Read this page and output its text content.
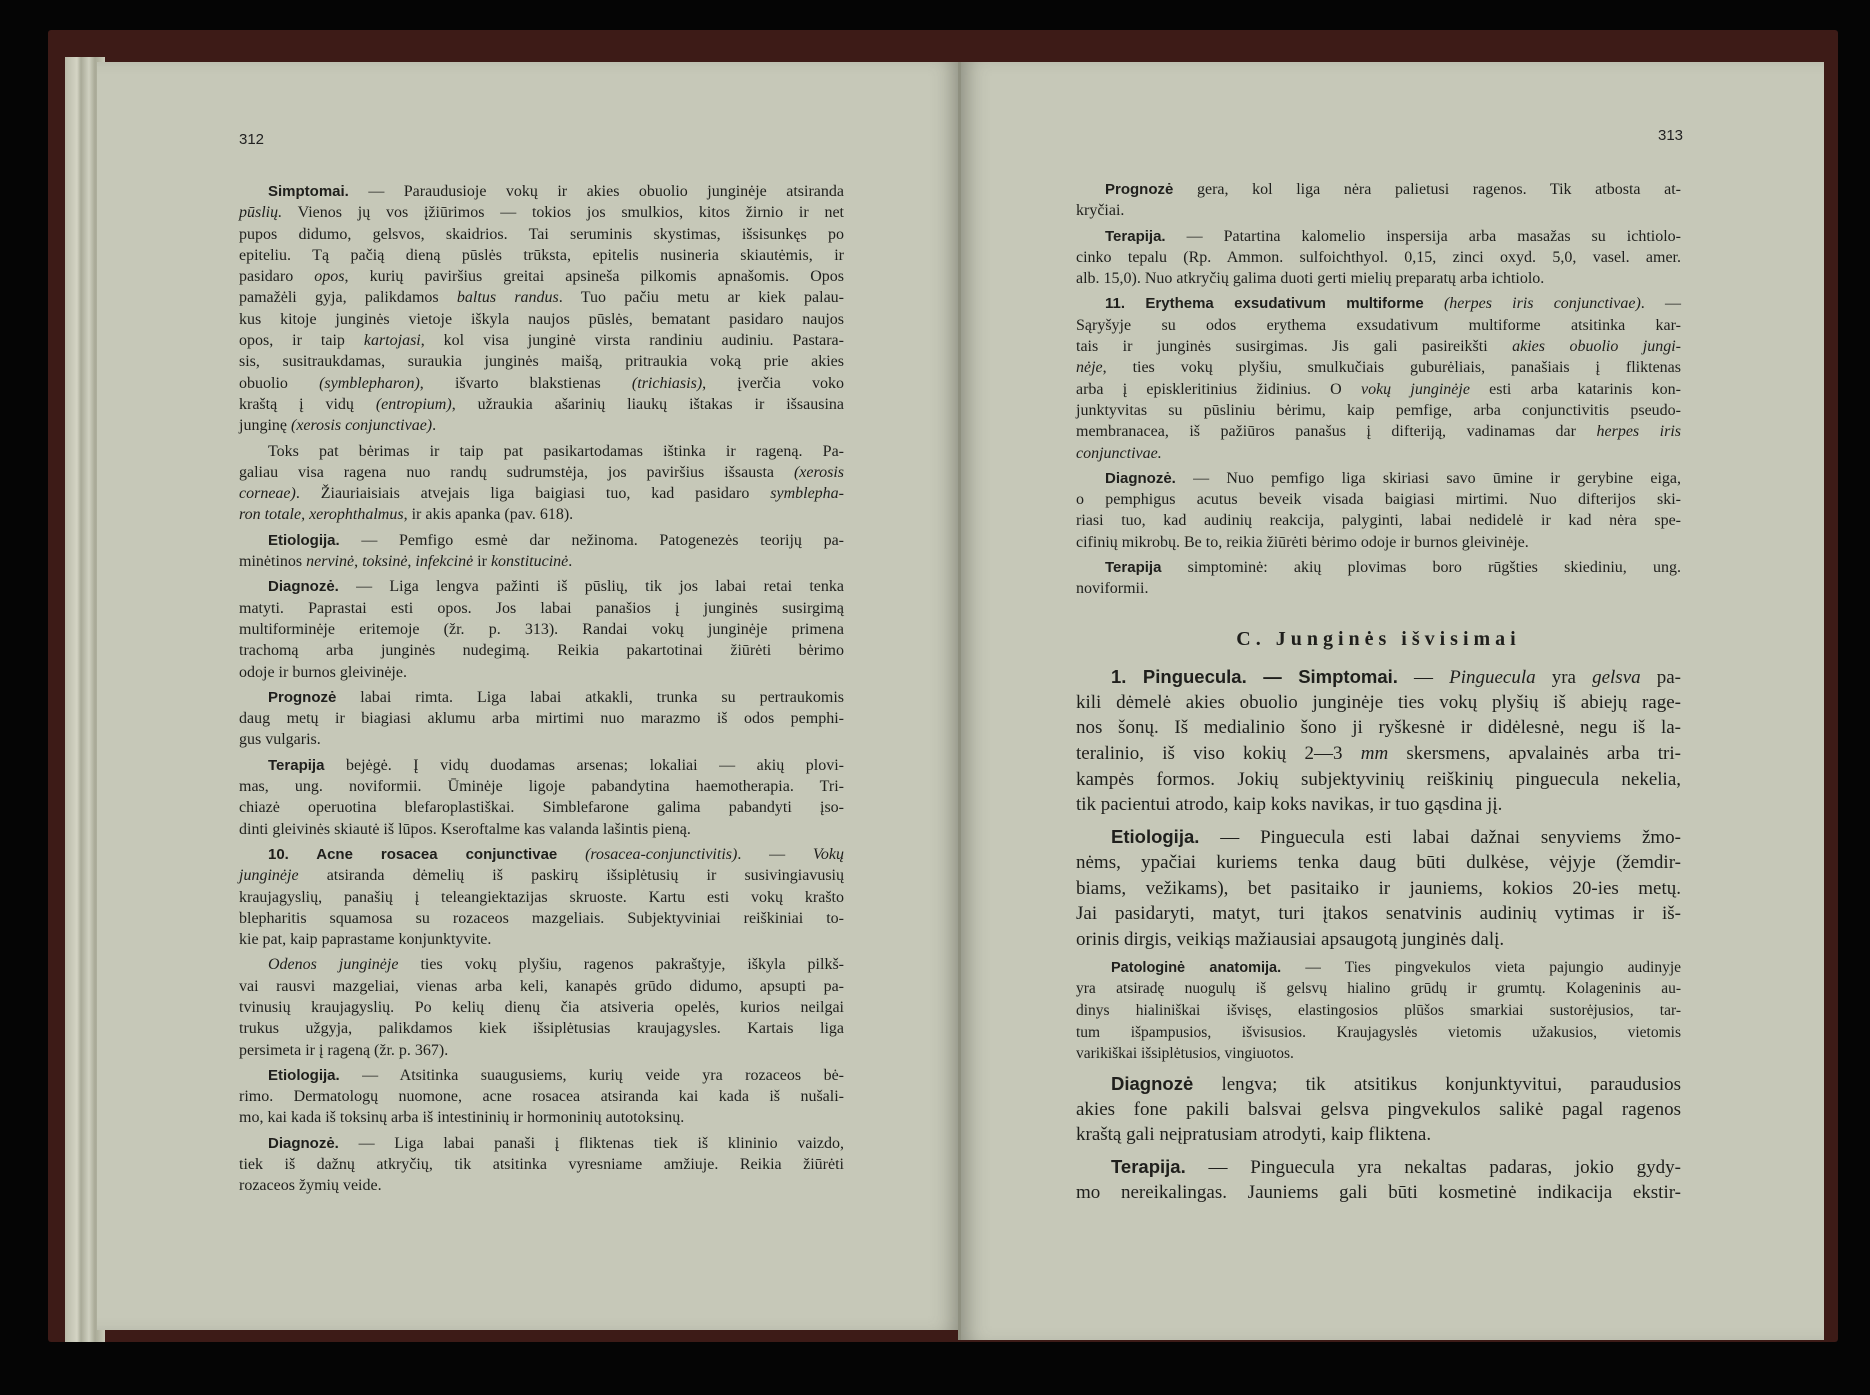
312	313
Simptomai. — Paraudusioje vokų ir akies obuolio junginėje atsiranda
pūslių. Vienos jų vos įžiūrimos — tokios jos smulkios, kitos žirnio ir net
pupos didumo, gelsvos, skaidrios. Tai seruminis skystimas, išsisunkęs po
epiteliu. Tą pačią dieną pūslės trūksta, epitelis nusineria skiautėmis, ir
pasidaro opos, kurių paviršius greitai apsineša pilkomis apnašomis. Opos
pamažėli gyja, palikdamos baltus randus. Tuo pačiu metu ar kiek palau-
kus kitoje junginės vietoje iškyla naujos pūslės, bematant pasidaro naujos
opos, ir taip kartojasi, kol visa junginė virsta randiniu audiniu. Pastara-
sis, susitraukdamas, suraukia junginės maišą, pritraukia voką prie akies
obuolio (symblepharon), išvarto blakstienas (trichiasis), įverčia voko
kraštą į vidų (entropium), užraukia ašarinių liaukų ištakas ir išsausina
junginę (xerosis conjunctivae).
Toks pat bėrimas ir taip pat pasikartodamas ištinka ir rageną. Pa-
galiau visa ragena nuo randų sudrumstėja, jos paviršius išsausta (xerosis
corneae). Žiauriaisiais atvejais liga baigiasi tuo, kad pasidaro symblepha-
ron totale, xerophthalmus, ir akis apanka (pav. 618).
Etiologija. — Pemfigo esmė dar nežinoma. Patogenezės teorijų pa-
minėtinos nervinė, toksinė, infekcinė ir konstitucinė.
Diagnozė. — Liga lengva pažinti iš pūslių, tik jos labai retai tenka
matyti. Paprastai esti opos. Jos labai panašios į junginės susirgimą
multiforminėje eritemoje (žr. p. 313). Randai vokų junginėje primena
trachomą arba junginės nudegimą. Reikia pakartotinai žiūrėti bėrimo
odoje ir burnos gleivinėje.
Prognozė labai rimta. Liga labai atkakli, trunka su pertraukomis
daug metų ir biagiasi aklumu arba mirtimi nuo marazmo iš odos pemphi-
gus vulgaris.
Terapija bejėgė. Į vidų duodamas arsenas; lokaliai — akių plovi-
mas, ung. noviformii. Ūminėje ligoje pabandytina haemotherapia. Tri-
chiazė operuotina blefaroplastiškai. Simblefarone galima pabandyti įso-
dinti gleivinės skiautė iš lūpos. Kseroftalme kas valanda lašintis pieną.
10. Acne rosacea conjunctivae (rosacea-conjunctivitis). — Vokų
junginėje atsiranda dėmelių iš paskirų išsiplėtusių ir susivingiavusių
kraujagyslių, panašių į teleangiektazijas skruoste. Kartu esti vokų krašto
blepharitis squamosa su rozaceos mazgeliais. Subjektyviniai reiškiniai to-
kie pat, kaip paprastame konjunktyvite.
Odenos junginėje ties vokų plyšiu, ragenos pakraštyje, iškyla pilkš-
vai rausvi mazgeliai, vienas arba keli, kanapės grūdo didumo, apsupti pa-
tvinusių kraujagyslių. Po kelių dienų čia atsiveria opelės, kurios neilgai
trukus užgyja, palikdamos kiek išsiplėtusias kraujagysles. Kartais liga
persimeta ir į rageną (žr. p. 367).
Etiologija. — Atsitinka suaugusiems, kurių veide yra rozaceos bė-
rimo. Dermatologų nuomone, acne rosacea atsiranda kai kada iš nušali-
mo, kai kada iš toksinų arba iš intestininių ir hormoninių autotoksinų.
Diagnozė. — Liga labai panaši į fliktenas tiek iš klininio vaizdo,
tiek iš dažnų atkryčių, tik atsitinka vyresniame amžiuje. Reikia žiūrėti
rozaceos žymių veide.
Prognozė gera, kol liga nėra palietusi ragenos. Tik atbosta at-
kryčiai.
Terapija. — Patartina kalomelio inspersija arba masažas su ichtiolo-
cinko tepalu (Rp. Ammon. sulfoichthyol. 0,15, zinci oxyd. 5,0, vasel. amer.
alb. 15,0). Nuo atkryčių galima duoti gerti mielių preparatų arba ichtiolo.
11. Erythema exsudativum multiforme (herpes iris conjunctivae). —
Sąryšyje su odos erythema exsudativum multiforme atsitinka kar-
tais ir junginės susirgimas. Jis gali pasireikšti akies obuolio jungi-
nėje, ties vokų plyšiu, smulkučiais guburėliais, panašiais į fliktenas
arba į episkleritinius židinius. O vokų junginėje esti arba katarinis kon-
junktyvitas su pūsliniu bėrimu, kaip pemfige, arba conjunctivitis pseudo-
membranacea, iš pažiūros panašus į difteriją, vadinamas dar herpes iris
conjunctivae.
Diagnozė. — Nuo pemfigo liga skiriasi savo ūmine ir gerybine eiga,
o pemphigus acutus beveik visada baigiasi mirtimi. Nuo difterijos ski-
riasi tuo, kad audinių reakcija, palyginti, labai nedidelė ir kad nėra spe-
cifinių mikrobų. Be to, reikia žiūrėti bėrimo odoje ir burnos gleivinėje.
Terapija simptominė: akių plovimas boro rūgšties skiediniu, ung.
noviformii.
C. Junginės išvisimai
1. Pinguecula. — Simptomai. — Pinguecula yra gelsva pa-
kili dėmelė akies obuolio junginėje ties vokų plyšių iš abiejų rage-
nos šonų. Iš medialinio šono ji ryškesnė ir didėlesnė, negu iš la-
teralinio, iš viso kokių 2—3 mm skersmens, apvalainės arba tri-
kampės formos. Jokių subjektyvinių reiškinių pinguecula nekelia,
tik pacientui atrodo, kaip koks navikas, ir tuo gąsdina jį.
Etiologija. — Pinguecula esti labai dažnai senyviems žmo-
nėms, ypačiai kuriems tenka daug būti dulkėse, vėjyje (žemdir-
biams, vežikams), bet pasitaiko ir jauniems, kokios 20-ies metų.
Jai pasidaryti, matyt, turi įtakos senatvinis audinių vytimas ir iš-
orinis dirgis, veikiąs mažiausiai apsaugotą junginės dalį.
Patologinė anatomija. — Ties pingvekulos vieta pajungio audinyje
yra atsiradę nuogulų iš gelsvų hialino grūdų ir grumtų. Kolageninis au-
dinys hialiniškai išvisęs, elastingosios plūšos smarkiai sustorėjusios, tar-
tum išpampusios, išvisusios. Kraujagyslės vietomis užakusios, vietomis
varikiškai išsiplėtusios, vingiuotos.
Diagnozė lengva; tik atsitikus konjunktyvitui, paraudusios
akies fone pakili balsvai gelsva pingvekulos salikė pagal ragenos
kraštą gali neįpratusiam atrodyti, kaip fliktena.
Terapija. — Pinguecula yra nekaltas padaras, jokio gydy-
mo nereikalingas. Jauniems gali būti kosmetinė indikacija ekstir-
